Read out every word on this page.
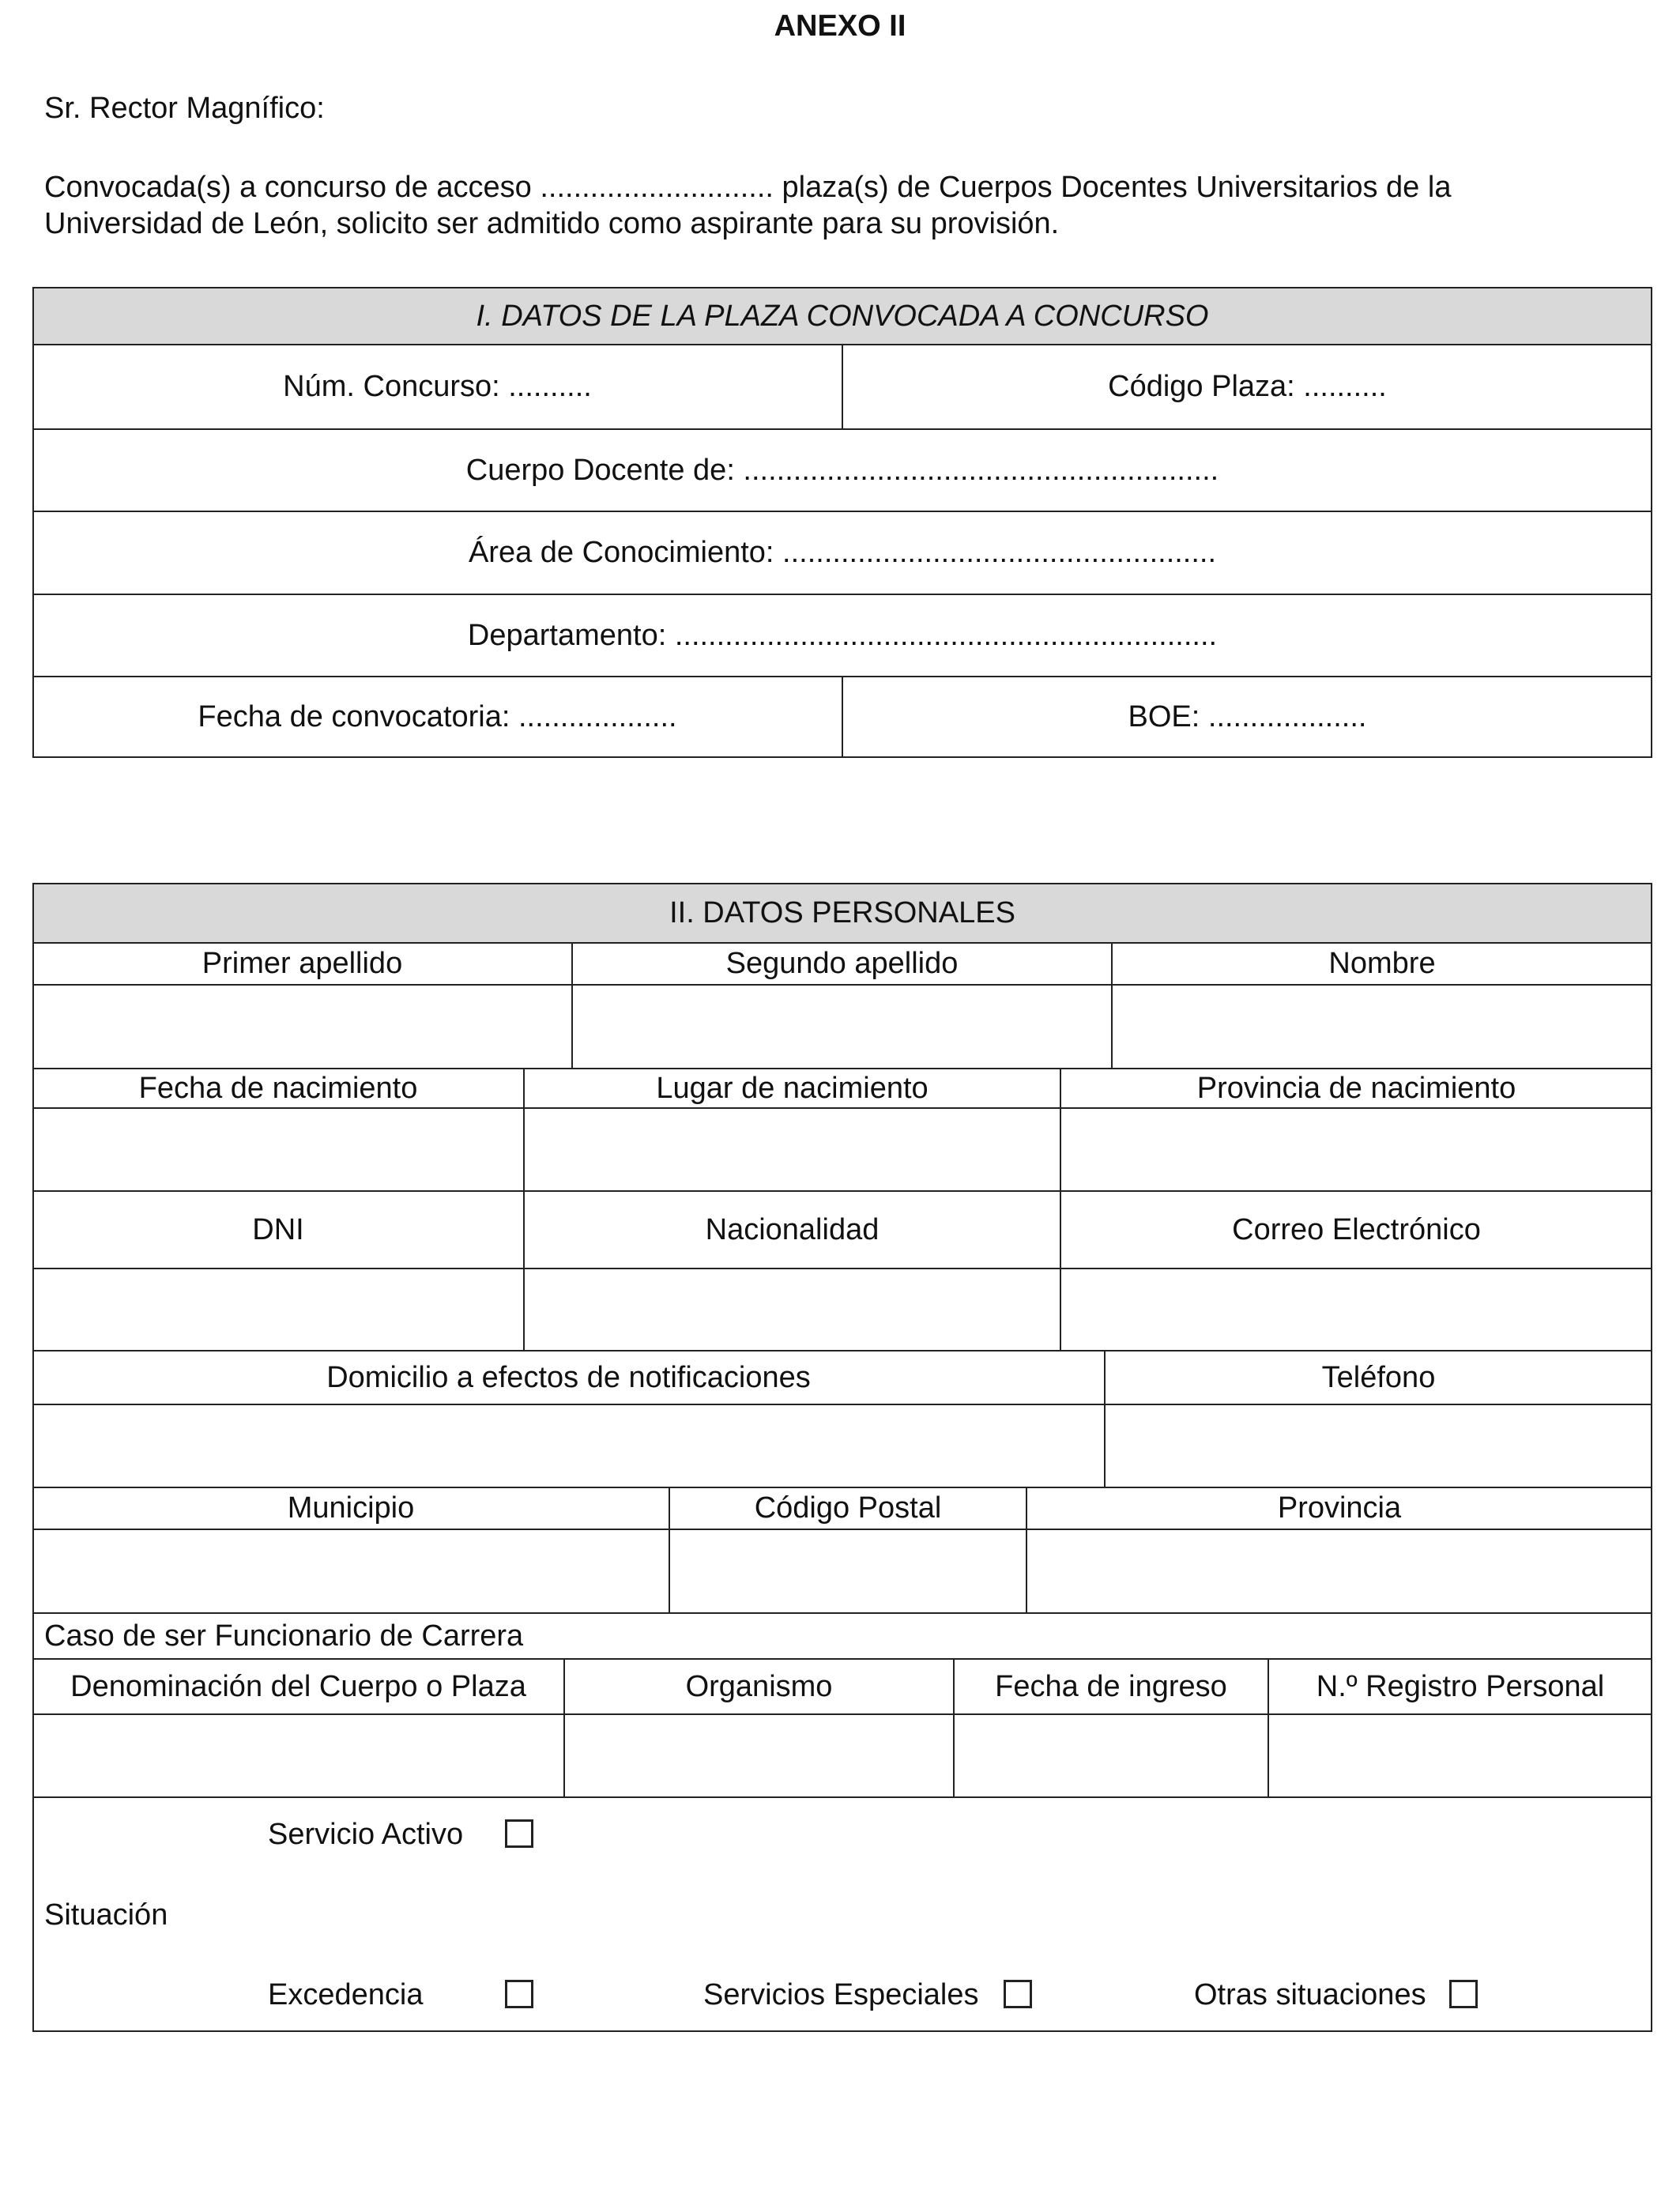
ANEXO II
Sr. Rector Magnífico:
Convocada(s) a concurso de acceso ............................ plaza(s) de Cuerpos Docentes Universitarios de la
Universidad de León, solicito ser admitido como aspirante para su provisión.
I. DATOS DE LA PLAZA CONVOCADA A CONCURSO
Núm. Concurso: ..........	Código Plaza: ..........
Cuerpo Docente de: .........................................................
Área de Conocimiento: ....................................................
Departamento: .................................................................
Fecha de convocatoria: ...................	BOE: ...................
II. DATOS PERSONALES
Primer apellido	Segundo apellido	Nombre
Fecha de nacimiento	Lugar de nacimiento	Provincia de nacimiento
DNI	Nacionalidad	Correo Electrónico
Domicilio a efectos de notificaciones	Teléfono
Municipio	Código Postal	Provincia
Caso de ser Funcionario de Carrera
Denominación del Cuerpo o Plaza	Organismo	Fecha de ingreso	N.º Registro Personal
Servicio Activo
Situación
Excedencia	Servicios Especiales	Otras situaciones
